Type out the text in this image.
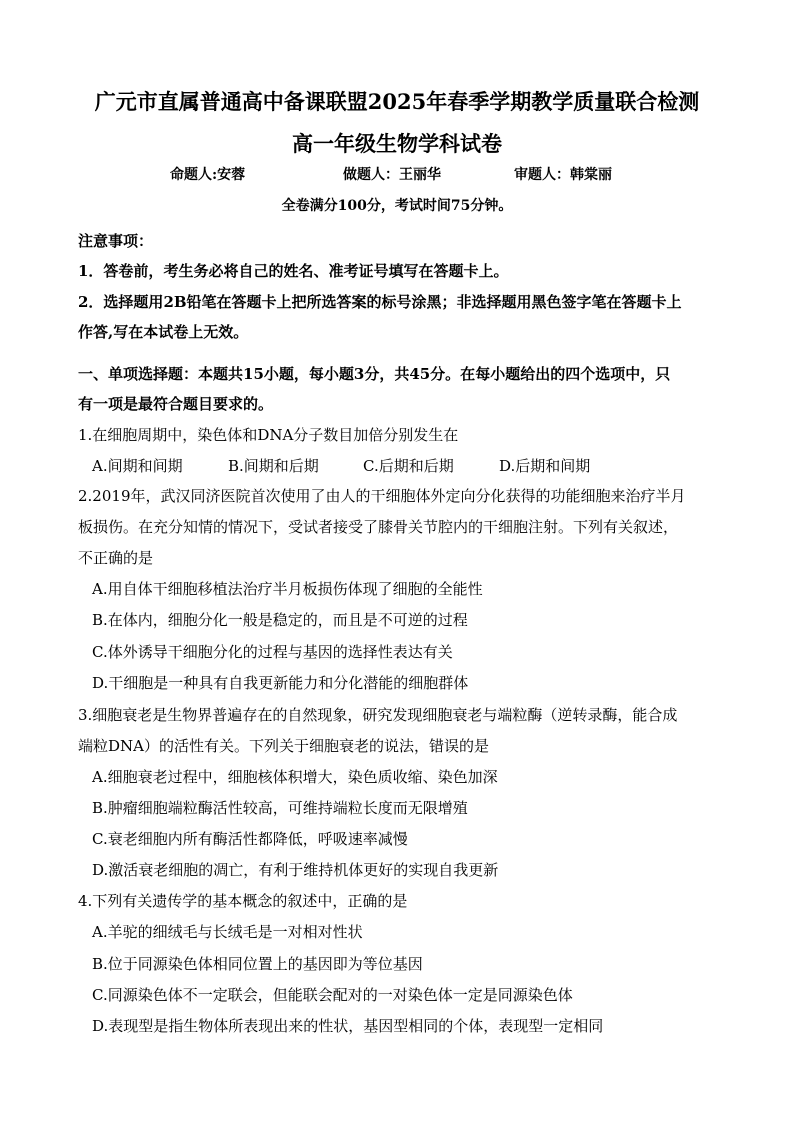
广元市直属普通高中备课联盟2025年春季学期教学质量联合检测
高一年级生物学科试卷
命题人:安蓉	做题人：王丽华	审题人：韩棠丽
全卷满分100分，考试时间75分钟。
注意事项：
1．答卷前，考生务必将自己的姓名、准考证号填写在答题卡上。
2．选择题用2B铅笔在答题卡上把所选答案的标号涂黑；非选择题用黑色签字笔在答题卡上
作答,写在本试卷上无效。
一、单项选择题：本题共15小题，每小题3分，共45分。在每小题给出的四个选项中，只
有一项是最符合题目要求的。
1.在细胞周期中，染色体和DNA分子数目加倍分别发生在
A.间期和间期	B.间期和后期	C.后期和后期	D.后期和间期
2.2019年，武汉同济医院首次使用了由人的干细胞体外定向分化获得的功能细胞来治疗半月
板损伤。在充分知情的情况下，受试者接受了膝骨关节腔内的干细胞注射。下列有关叙述，
不正确的是
A.用自体干细胞移植法治疗半月板损伤体现了细胞的全能性
B.在体内，细胞分化一般是稳定的，而且是不可逆的过程
C.体外诱导干细胞分化的过程与基因的选择性表达有关
D.干细胞是一种具有自我更新能力和分化潜能的细胞群体
3.细胞衰老是生物界普遍存在的自然现象，研究发现细胞衰老与端粒酶（逆转录酶，能合成
端粒DNA）的活性有关。下列关于细胞衰老的说法，错误的是
A.细胞衰老过程中，细胞核体积增大，染色质收缩、染色加深
B.肿瘤细胞端粒酶活性较高，可维持端粒长度而无限增殖
C.衰老细胞内所有酶活性都降低，呼吸速率减慢
D.激活衰老细胞的凋亡，有利于维持机体更好的实现自我更新
4.下列有关遗传学的基本概念的叙述中，正确的是
A.羊驼的细绒毛与长绒毛是一对相对性状
B.位于同源染色体相同位置上的基因即为等位基因
C.同源染色体不一定联会，但能联会配对的一对染色体一定是同源染色体
D.表现型是指生物体所表现出来的性状，基因型相同的个体，表现型一定相同
